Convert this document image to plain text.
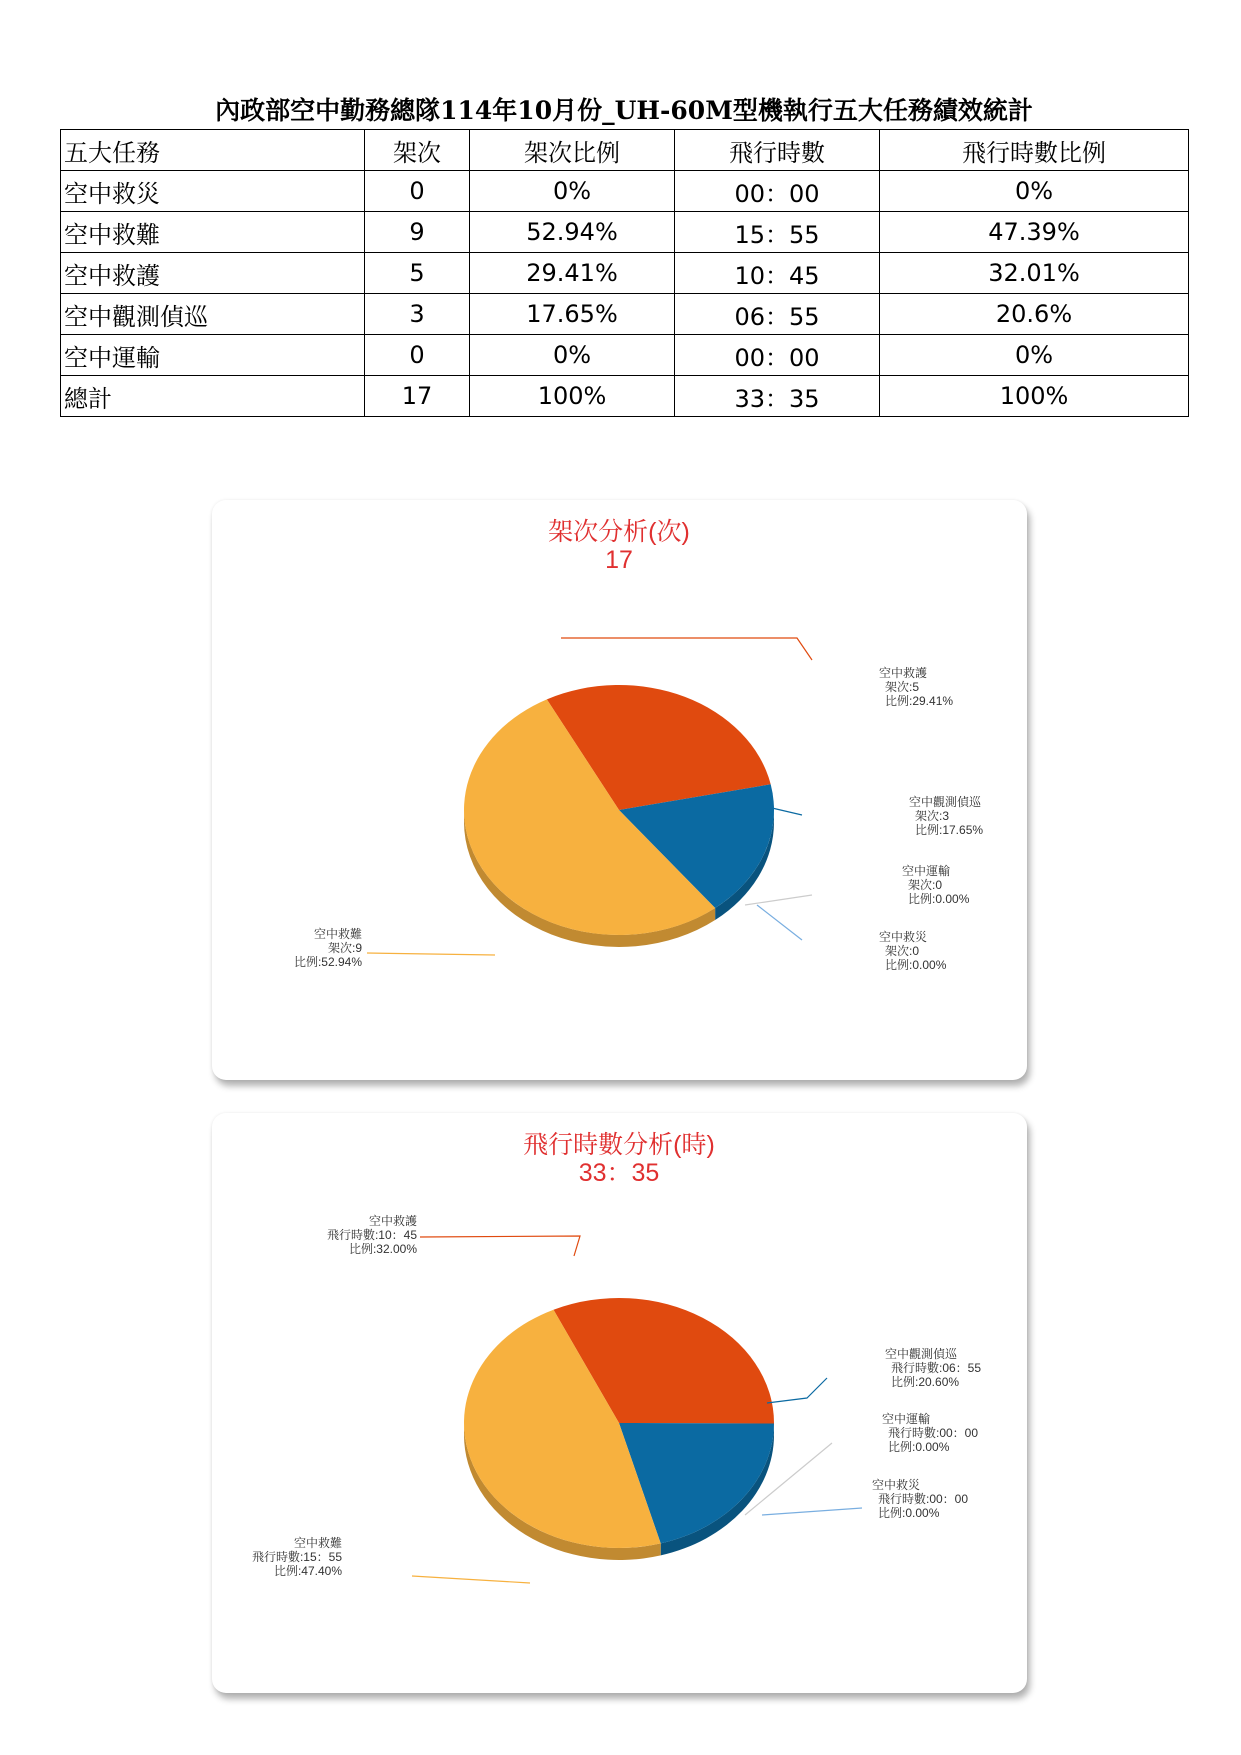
內政部空中勤務總隊114年10月份_UH-60M型機執行五大任務績效統計
五大任務	架次	架次比例	飛行時數	飛行時數比例
空中救災	0	0%	00：00	0%
空中救難	9	52.94%	15：55	47.39%
空中救護	5	29.41%	10：45	32.01%
空中觀測偵巡	3	17.65%	06：55	20.6%
空中運輸	0	0%	00：00	0%
總計	17	100%	33：35	100%
架次分析(次)
17
空中救護架次:5 比例:29.41%
空中觀測偵巡架次:3 比例:17.65%
空中運輸架次:0 比例:0.00%
空中救災架次:0 比例:0.00%
空中救難架次:9 比例:52.94%
飛行時數分析(時)
33：35
空中救護飛行時數:10：45 比例:32.00%
空中觀測偵巡飛行時數:06：55 比例:20.60%
空中運輸飛行時數:00：00 比例:0.00%
空中救災飛行時數:00：00 比例:0.00%
空中救難飛行時數:15：55 比例:47.40%
